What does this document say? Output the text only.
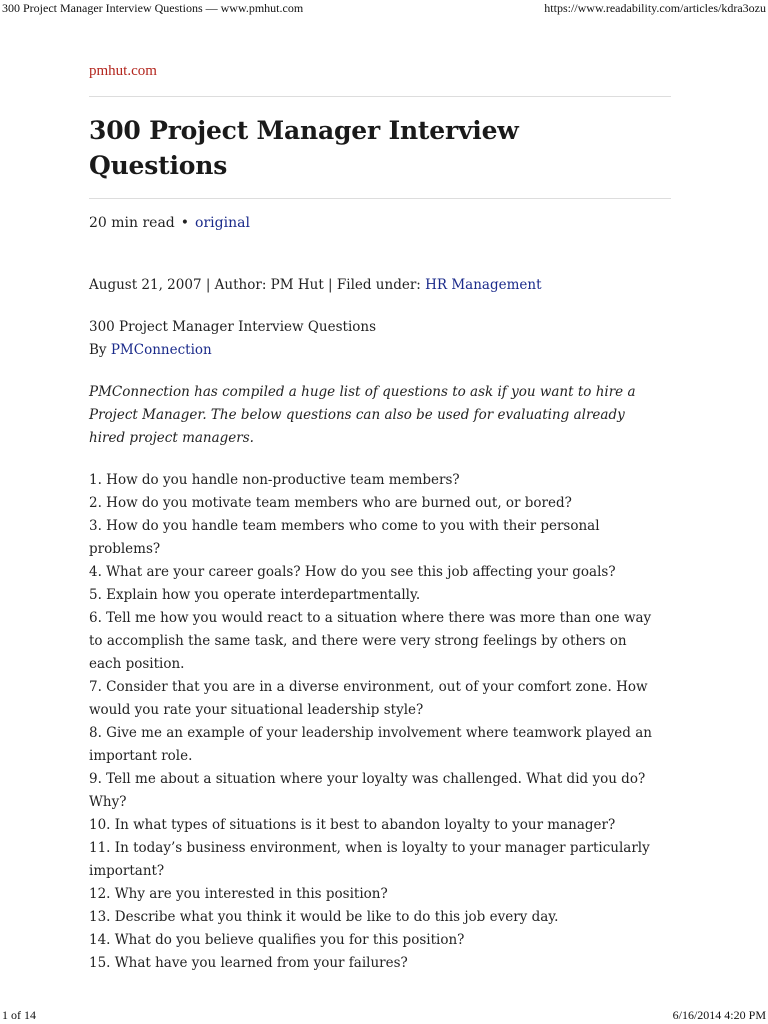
300 Project Manager Interview Questions — www.pmhut.com	https://www.readability.com/articles/kdra3ozu
pmhut.com
300 Project Manager Interview
Questions
20 min read • original
August 21, 2007 | Author: PM Hut | Filed under: HR Management
300 Project Manager Interview Questions
By PMConnection
PMConnection has compiled a huge list of questions to ask if you want to hire a
Project Manager. The below questions can also be used for evaluating already
hired project managers.
1. How do you handle non-productive team members?
2. How do you motivate team members who are burned out, or bored?
3. How do you handle team members who come to you with their personal
problems?
4. What are your career goals? How do you see this job affecting your goals?
5. Explain how you operate interdepartmentally.
6. Tell me how you would react to a situation where there was more than one way
to accomplish the same task, and there were very strong feelings by others on
each position.
7. Consider that you are in a diverse environment, out of your comfort zone. How
would you rate your situational leadership style?
8. Give me an example of your leadership involvement where teamwork played an
important role.
9. Tell me about a situation where your loyalty was challenged. What did you do?
Why?
10. In what types of situations is it best to abandon loyalty to your manager?
11. In today’s business environment, when is loyalty to your manager particularly
important?
12. Why are you interested in this position?
13. Describe what you think it would be like to do this job every day.
14. What do you believe qualifies you for this position?
15. What have you learned from your failures?
1 of 14	6/16/2014 4:20 PM
